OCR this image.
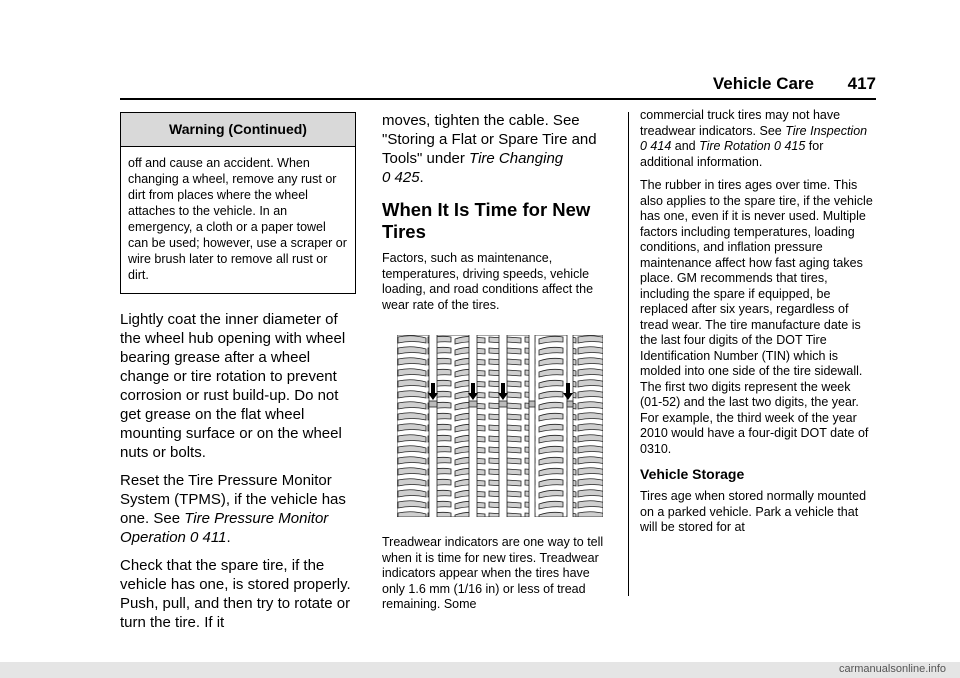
Vehicle Care 417
Warning (Continued)
off and cause an accident. When changing a wheel, remove any rust or dirt from places where the wheel attaches to the vehicle. In an emergency, a cloth or a paper towel can be used; however, use a scraper or wire brush later to remove all rust or dirt.

Lightly coat the inner diameter of the wheel hub opening with wheel bearing grease after a wheel change or tire rotation to prevent corrosion or rust build-up. Do not get grease on the flat wheel mounting surface or on the wheel nuts or bolts.

Reset the Tire Pressure Monitor System (TPMS), if the vehicle has one. See Tire Pressure Monitor Operation 0 411.

Check that the spare tire, if the vehicle has one, is stored properly. Push, pull, and then try to rotate or turn the tire. If it

moves, tighten the cable. See "Storing a Flat or Spare Tire and Tools" under Tire Changing
0 425.

When It Is Time for New Tires

Factors, such as maintenance, temperatures, driving speeds, vehicle loading, and road conditions affect the wear rate of the tires.

Treadwear indicators are one way to tell when it is time for new tires. Treadwear indicators appear when the tires have only 1.6 mm (1/16 in) or less of tread remaining. Some

commercial truck tires may not have treadwear indicators. See Tire Inspection 0 414 and Tire Rotation 0 415 for additional information.

The rubber in tires ages over time. This also applies to the spare tire, if the vehicle has one, even if it is never used. Multiple factors including temperatures, loading conditions, and inflation pressure maintenance affect how fast aging takes place. GM recommends that tires, including the spare if equipped, be replaced after six years, regardless of tread wear. The tire manufacture date is the last four digits of the DOT Tire Identification Number (TIN) which is molded into one side of the tire sidewall. The first two digits represent the week (01-52) and the last two digits, the year. For example, the third week of the year 2010 would have a four-digit DOT date of 0310.

Vehicle Storage

Tires age when stored normally mounted on a parked vehicle. Park a vehicle that will be stored for at

carmanualsonline.info
